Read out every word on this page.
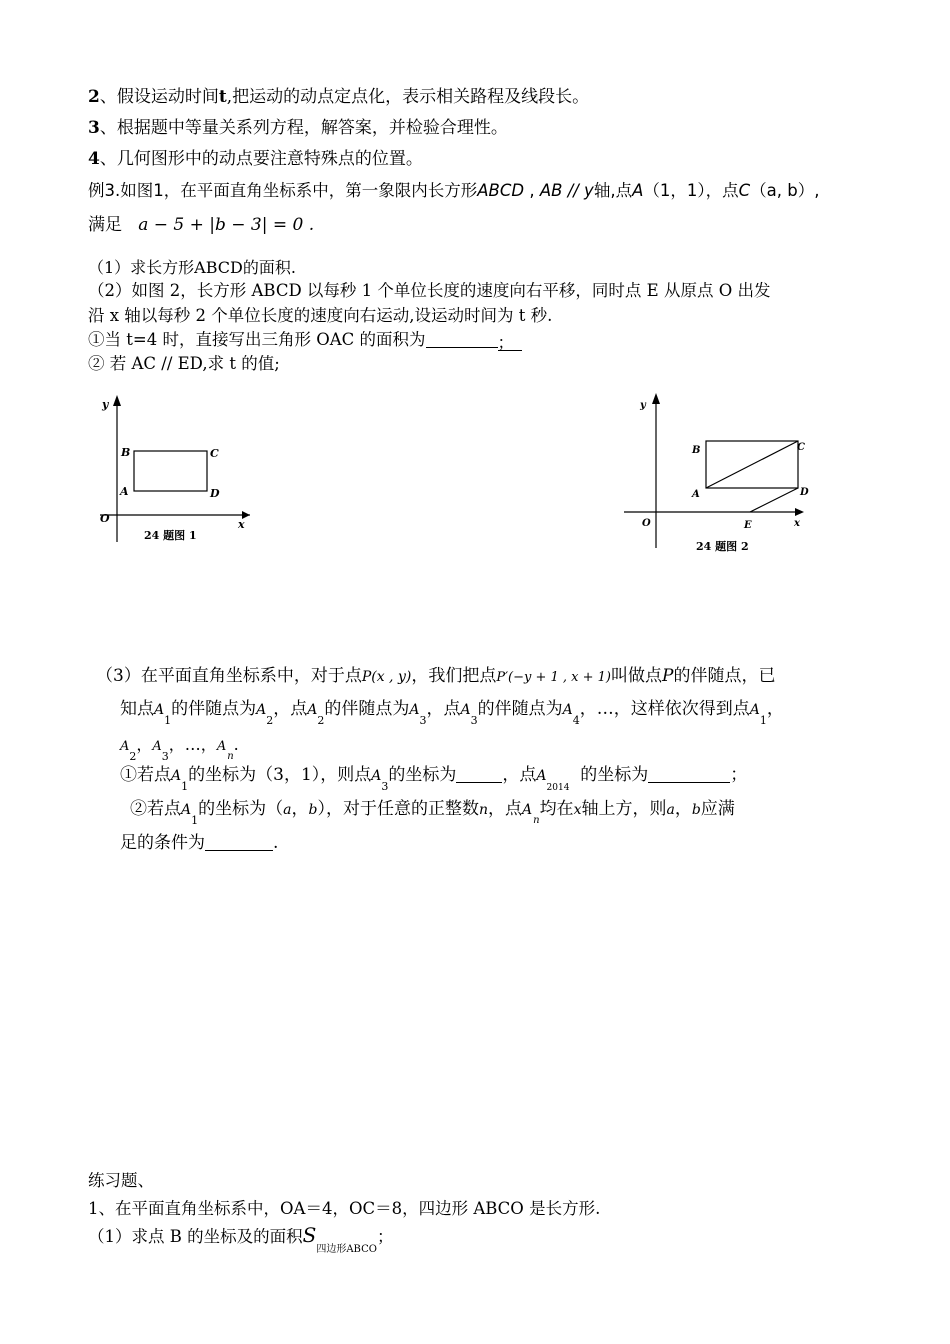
2、假设运动时间t,把运动的动点定点化，表示相关路程及线段长。
3、根据题中等量关系列方程，解答案，并检验合理性。
4、几何图形中的动点要注意特殊点的位置。
例3.如图1，在平面直角坐标系中，第一象限内长方形ABCD , AB // y轴,点A（1，1），点C（a, b）,
满足 a − 5 + |b − 3| = 0 .
（1）求长方形ABCD的面积.
（2）如图 2，长方形 ABCD 以每秒 1 个单位长度的速度向右平移，同时点 E 从原点 O 出发
沿 x 轴以每秒 2 个单位长度的速度向右运动,设运动时间为 t 秒.
①当 t=4 时，直接写出三角形 OAC 的面积为	；
② 若 AC // ED,求 t 的值;
y
x
O
A
B	C
D
24 题图 1
y
x
O
A
B	C
D
E
24 题图 2
（3）在平面直角坐标系中，对于点P(x , y)，我们把点P′(−y + 1 , x + 1)叫做点P的伴随点，已
知点$A_1$的伴随点为$A_2$，点$A_2$的伴随点为$A_3$，点$A_3$的伴随点为$A_4$，…，这样依次得到点$A_1$，
$A_2$，$A_3$，…，$A_n$.
①若点$A_1$的坐标为（3，1），则点$A_3$的坐标为	，点$A_{2014}$  的坐标为	；
②若点$A_1$的坐标为（a，b），对于任意的正整数n，点$A_n$均在x轴上方，则a，b应满
足的条件为	.
练习题、
1、在平面直角坐标系中，OA＝4，OC＝8，四边形 ABCO 是长方形.
（1）求点 B 的坐标及的面积$S_{四边形ABCO}$；
